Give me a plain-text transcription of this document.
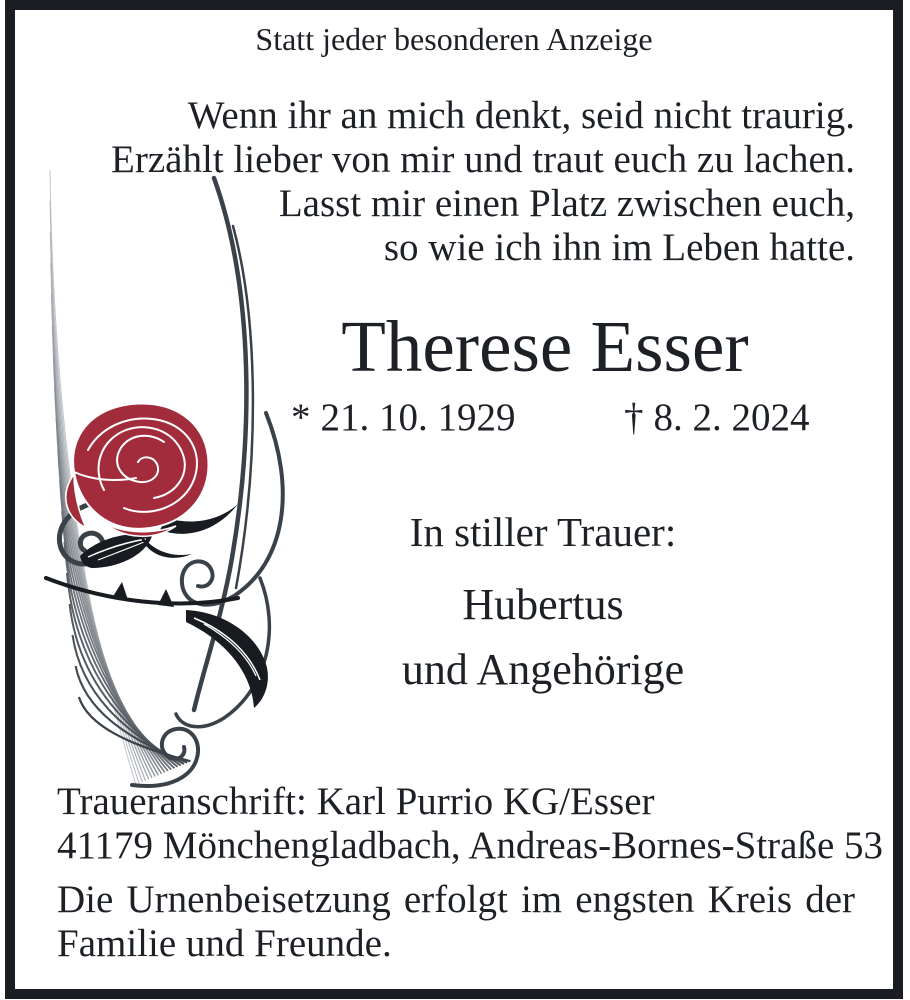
Statt jeder besonderen Anzeige
Wenn ihr an mich denkt, seid nicht traurig.
Erzählt lieber von mir und traut euch zu lachen.
Lasst mir einen Platz zwischen euch,
so wie ich ihn im Leben hatte.
Therese Esser
* 21. 10. 1929	† 8. 2. 2024
In stiller Trauer:
Hubertus
und Angehörige
Traueranschrift: Karl Purrio KG/Esser
41179 Mönchengladbach, Andreas-Bornes-Straße 53

Die Urnenbeisetzung erfolgt im engsten Kreis der Familie und Freunde.
